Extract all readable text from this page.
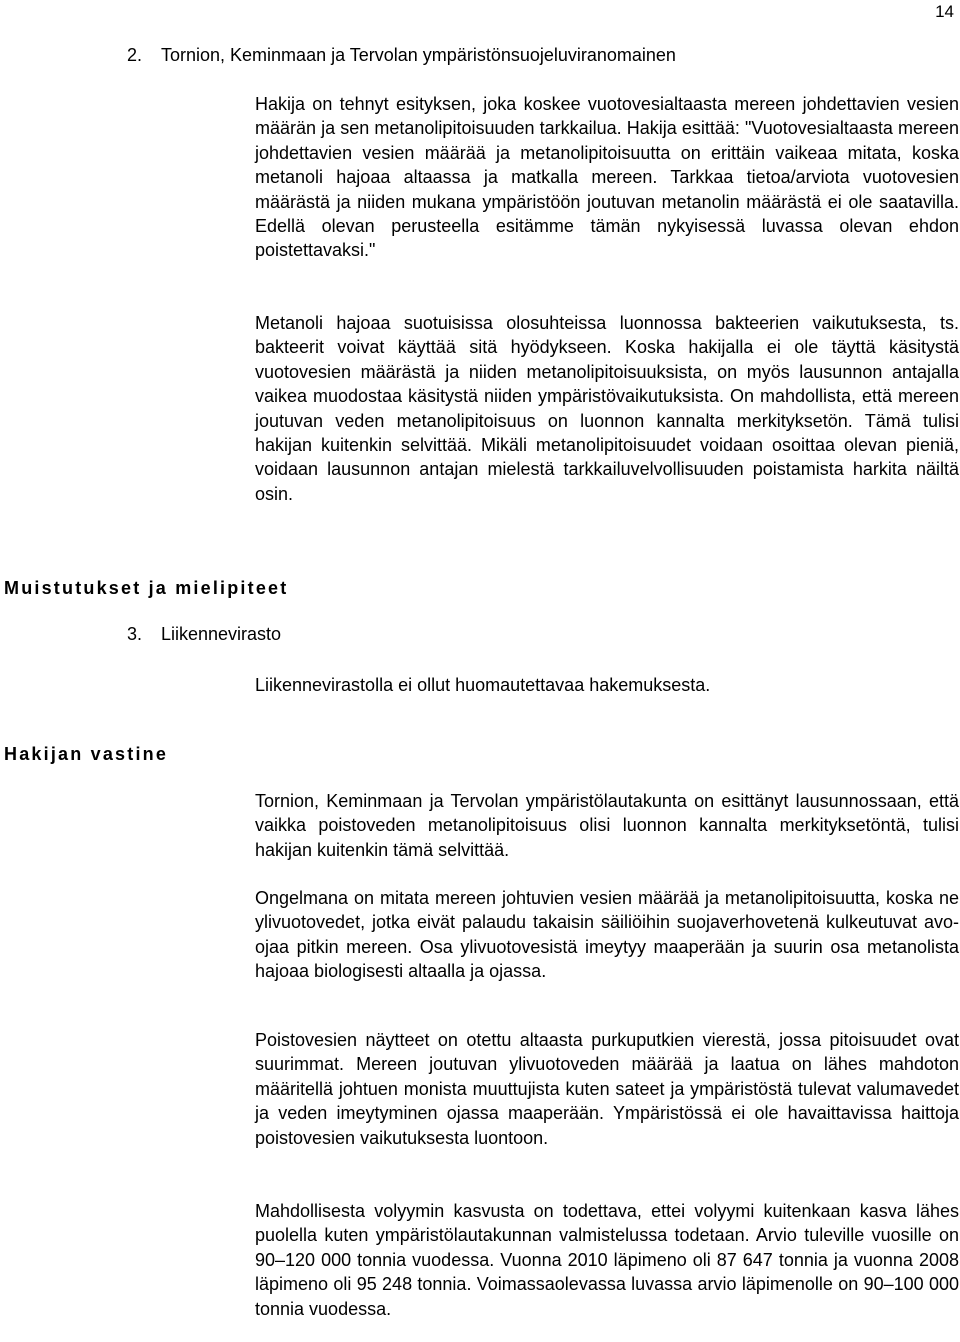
14
2. Tornion, Keminmaan ja Tervolan ympäristönsuojeluviranomainen

Hakija on tehnyt esityksen, joka koskee vuotovesialtaasta mereen johdettavien vesien määrän ja sen metanolipitoisuuden tarkkailua. Hakija esittää: "Vuotovesialtaasta mereen johdettavien vesien määrää ja metanolipitoisuutta on erittäin vaikeaa mitata, koska metanoli hajoaa altaassa ja matkalla mereen. Tarkkaa tietoa/arviota vuotovesien määrästä ja niiden mukana ympäristöön joutuvan metanolin määrästä ei ole saatavilla. Edellä olevan perusteella esitämme tämän nykyisessä luvassa olevan ehdon poistettavaksi."

Metanoli hajoaa suotuisissa olosuhteissa luonnossa bakteerien vaikutuksesta, ts. bakteerit voivat käyttää sitä hyödykseen. Koska hakijalla ei ole täyttä käsitystä vuotovesien määrästä ja niiden metanolipitoisuuksista, on myös lausunnon antajalla vaikea muodostaa käsitystä niiden ympäristövaikutuksista. On mahdollista, että mereen joutuvan veden metanolipitoisuus on luonnon kannalta merkityksetön. Tämä tulisi hakijan kuitenkin selvittää. Mikäli metanolipitoisuudet voidaan osoittaa olevan pieniä, voidaan lausunnon antajan mielestä tarkkailuvelvollisuuden poistamista harkita näiltä osin.

Muistutukset ja mielipiteet
3. Liikennevirasto

Liikennevirastolla ei ollut huomautettavaa hakemuksesta.

Hakijan vastine

Tornion, Keminmaan ja Tervolan ympäristölautakunta on esittänyt lausunnossaan, että vaikka poistoveden metanolipitoisuus olisi luonnon kannalta merkityksetöntä, tulisi hakijan kuitenkin tämä selvittää.

Ongelmana on mitata mereen johtuvien vesien määrää ja metanolipitoisuutta, koska ne ylivuotovedet, jotka eivät palaudu takaisin säiliöihin suojaverhovetenä kulkeutuvat avo-ojaa pitkin mereen. Osa ylivuotovesistä imeytyy maaperään ja suurin osa metanolista hajoaa biologisesti altaalla ja ojassa.

Poistovesien näytteet on otettu altaasta purkuputkien vierestä, jossa pitoisuudet ovat suurimmat. Mereen joutuvan ylivuotoveden määrää ja laatua on lähes mahdoton määritellä johtuen monista muuttujista kuten sateet ja ympäristöstä tulevat valumavedet ja veden imeytyminen ojassa maaperään. Ympäristössä ei ole havaittavissa haittoja poistovesien vaikutuksesta luontoon.

Mahdollisesta volyymin kasvusta on todettava, ettei volyymi kuitenkaan kasva lähes puolella kuten ympäristölautakunnan valmistelussa todetaan. Arvio tuleville vuosille on 90–120 000 tonnia vuodessa. Vuonna 2010 läpimeno oli 87 647 tonnia ja vuonna 2008 läpimeno oli 95 248 tonnia. Voimassaolevassa luvassa arvio läpimenolle on 90–100 000 tonnia vuodessa.
